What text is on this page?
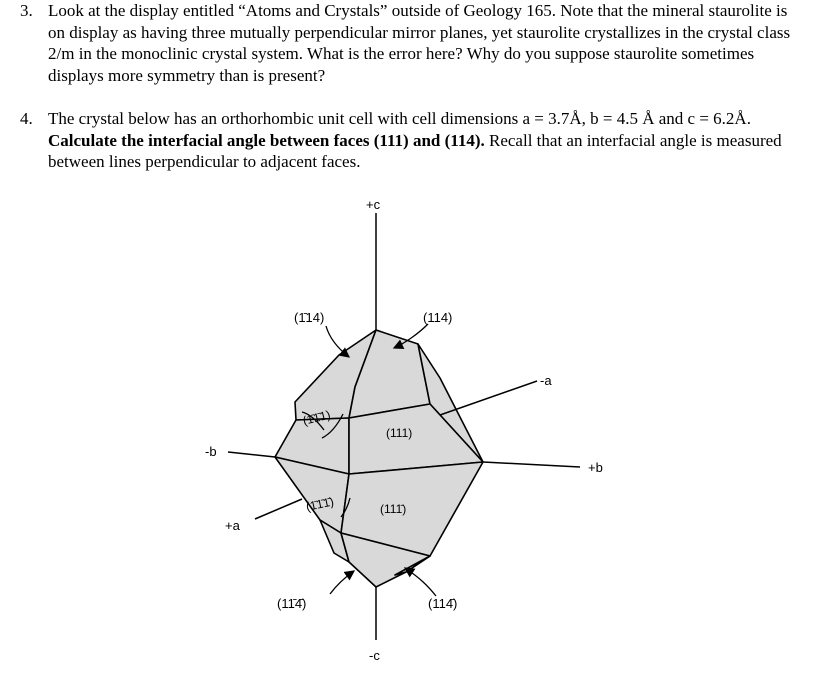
3. Look at the display entitled “Atoms and Crystals” outside of Geology 165. Note that the mineral staurolite is on display as having three mutually perpendicular mirror planes, yet staurolite crystallizes in the crystal class 2/m in the monoclinic crystal system. What is the error here? Why do you suppose staurolite sometimes displays more symmetry than is present?
4. The crystal below has an orthorhombic unit cell with cell dimensions a = 3.7Å, b = 4.5 Å and c = 6.2Å. Calculate the interfacial angle between faces (111) and (114). Recall that an interfacial angle is measured between lines perpendicular to adjacent faces.
+c
-c
-a
+a
-b
+b
(1̄14)	(114)
(1̄1̄1)
(111)
(1̄1̄1̄)	(111̄)
(11̄4̄)	(114̄)
